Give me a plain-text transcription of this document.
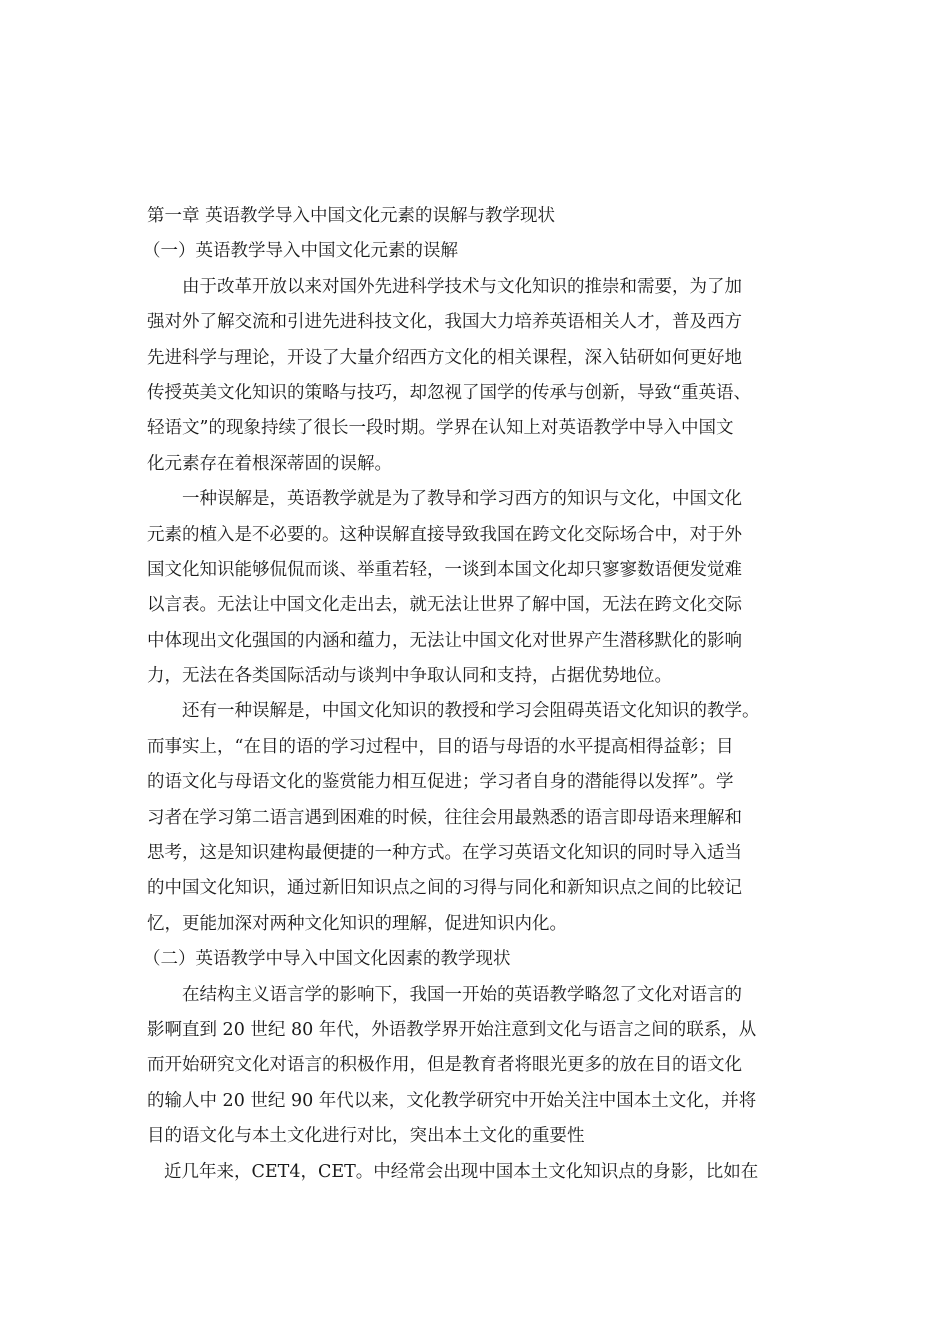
第一章 英语教学导入中国文化元素的误解与教学现状
（一）英语教学导入中国文化元素的误解
由于改革开放以来对国外先进科学技术与文化知识的推崇和需要，为了加
强对外了解交流和引进先进科技文化，我国大力培养英语相关人才，普及西方
先进科学与理论，开设了大量介绍西方文化的相关课程，深入钻研如何更好地
传授英美文化知识的策略与技巧，却忽视了国学的传承与创新，导致“重英语、
轻语文”的现象持续了很长一段时期。学界在认知上对英语教学中导入中国文
化元素存在着根深蒂固的误解。
一种误解是，英语教学就是为了教导和学习西方的知识与文化，中国文化
元素的植入是不必要的。这种误解直接导致我国在跨文化交际场合中，对于外
国文化知识能够侃侃而谈、举重若轻，一谈到本国文化却只寥寥数语便发觉难
以言表。无法让中国文化走出去，就无法让世界了解中国，无法在跨文化交际
中体现出文化强国的内涵和蕴力，无法让中国文化对世界产生潜移默化的影响
力，无法在各类国际活动与谈判中争取认同和支持，占据优势地位。
还有一种误解是，中国文化知识的教授和学习会阻碍英语文化知识的教学。
而事实上，“在目的语的学习过程中，目的语与母语的水平提高相得益彰；目
的语文化与母语文化的鉴赏能力相互促进；学习者自身的潜能得以发挥”。学
习者在学习第二语言遇到困难的时候，往往会用最熟悉的语言即母语来理解和
思考，这是知识建构最便捷的一种方式。在学习英语文化知识的同时导入适当
的中国文化知识，通过新旧知识点之间的习得与同化和新知识点之间的比较记
忆，更能加深对两种文化知识的理解，促进知识内化。
（二）英语教学中导入中国文化因素的教学现状
在结构主义语言学的影响下，我国一开始的英语教学略忽了文化对语言的
影啊直到 20 世纪 80 年代，外语教学界开始注意到文化与语言之间的联系，从
而开始研究文化对语言的积极作用，但是教育者将眼光更多的放在目的语文化
的输人中 20 世纪 90 年代以来，文化教学研究中开始关注中国本土文化，并将
目的语文化与本土文化进行对比，突出本土文化的重要性
近几年来，CET4，CET。中经常会出现中国本土文化知识点的身影，比如在
